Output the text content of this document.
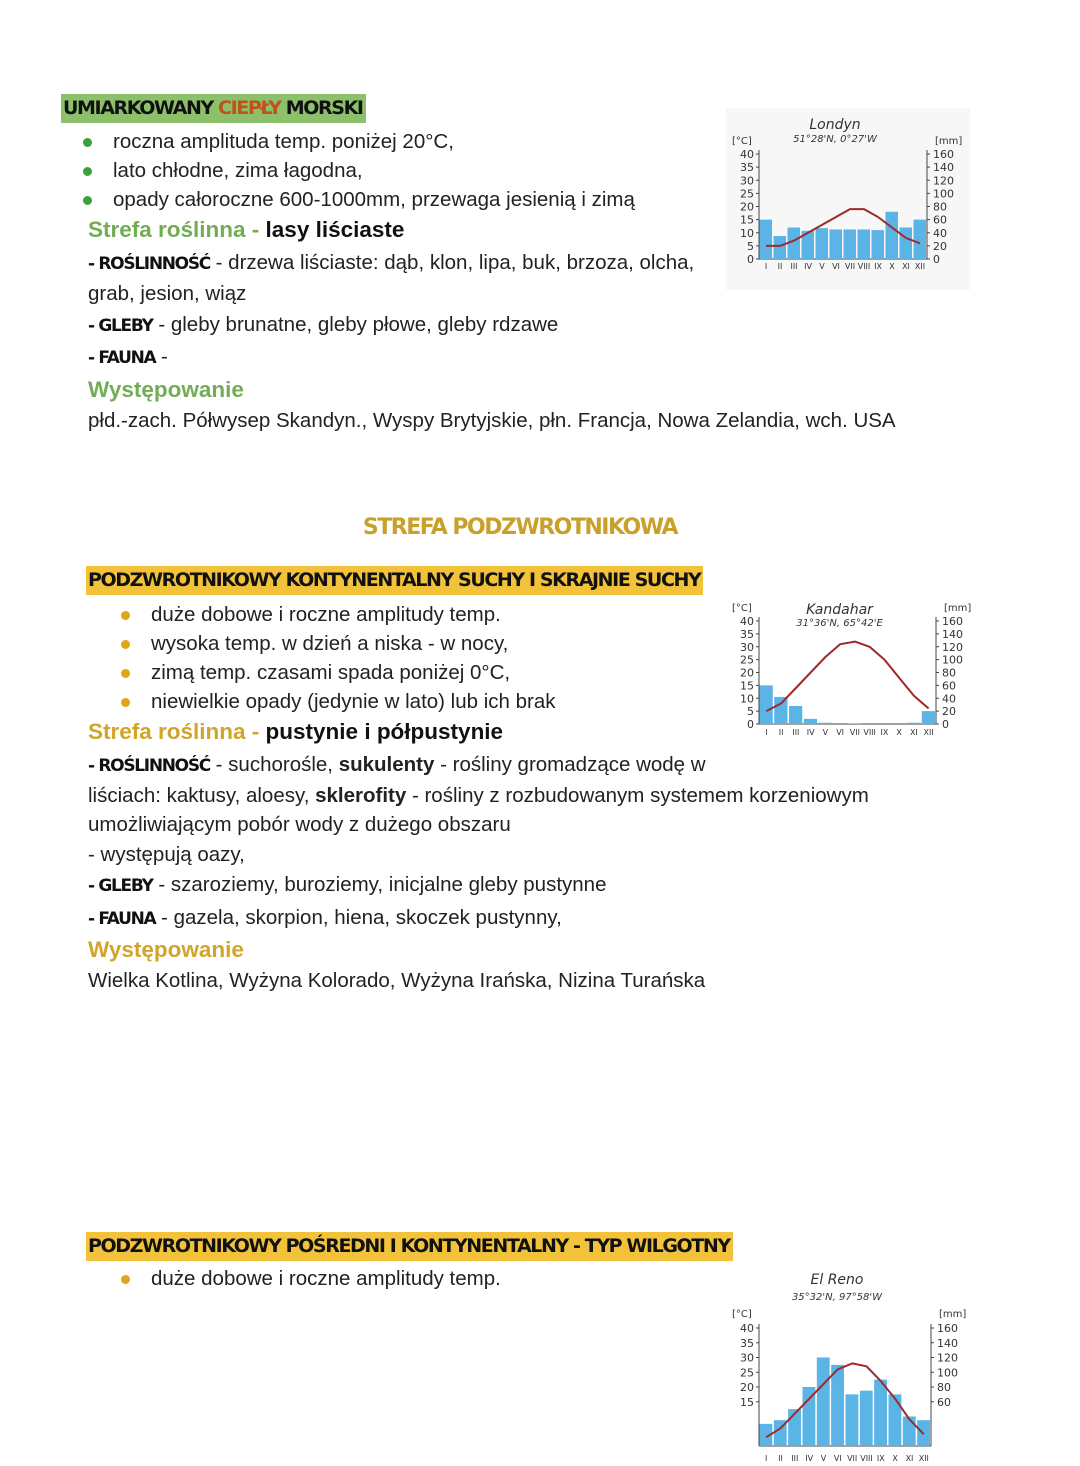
UMIARKOWANY CIEPŁY MORSKI
roczna amplituda temp. poniżej 20°C,
lato chłodne, zima łagodna,
opady całoroczne 600-1000mm, przewaga jesienią i zimą
Strefa roślinna - lasy liściaste
- ROŚLINNOŚĆ - drzewa liściaste: dąb, klon, lipa, buk, brzoza, olcha,
grab, jesion, wiąz
- GLEBY - gleby brunatne, gleby płowe, gleby rdzawe
- FAUNA -
Występowanie
płd.-zach. Półwysep Skandyn., Wyspy Brytyjskie, płn. Francja, Nowa Zelandia, wch. USA
STREFA PODZWROTNIKOWA
PODZWROTNIKOWY KONTYNENTALNY SUCHY I SKRAJNIE SUCHY
duże dobowe i roczne amplitudy temp.
wysoka temp. w dzień a niska - w nocy,
zimą temp. czasami spada poniżej 0°C,
niewielkie opady (jedynie w lato) lub ich brak
Strefa roślinna - pustynie i półpustynie
- ROŚLINNOŚĆ - suchorośle, sukulenty - rośliny gromadzące wodę w
liściach: kaktusy, aloesy, sklerofity - rośliny z rozbudowanym systemem korzeniowym
umożliwiającym pobór wody z dużego obszaru
- występują oazy,
- GLEBY - szaroziemy, buroziemy, inicjalne gleby pustynne
- FAUNA - gazela, skorpion, hiena, skoczek pustynny,
Występowanie
Wielka Kotlina, Wyżyna Kolorado, Wyżyna Irańska, Nizina Turańska
PODZWROTNIKOWY POŚREDNI I KONTYNENTALNY - TYP WILGOTNY
duże dobowe i roczne amplitudy temp.
Londyn
51°28'N, 0°27'W
[°C]	[mm]
40
35
30
25
20
15
10
5
0
160
140
120
100
80
60
40
20
0
I II III IV V VI VII VIII IX X XI XII
Kandahar
31°36'N, 65°42'E
[°C]	[mm]
40
35
30
25
20
15
10
5
0
160
140
120
100
80
60
40
20
0
I II III IV V VI VII VIII IX X XI XII
El Reno
35°32'N, 97°58'W
[°C]	[mm]
40
35
30
25
20
15
160
140
120
100
80
60
I II III IV V VI VII VIII IX X XI XII
